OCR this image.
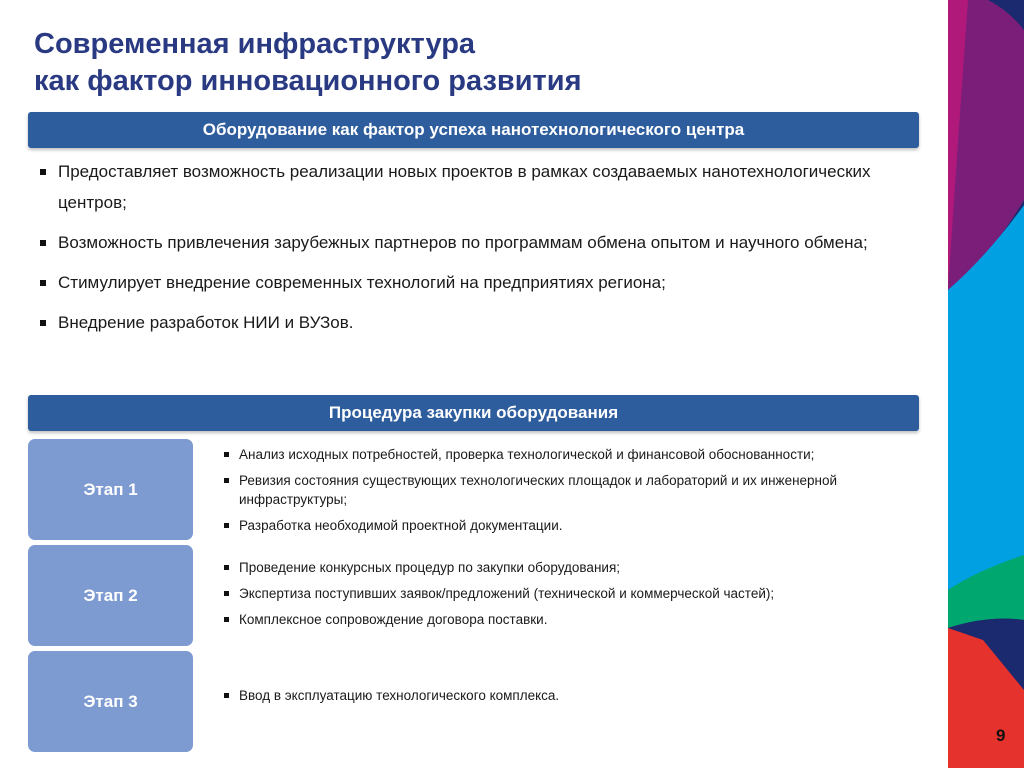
Современная инфраструктура
как фактор инновационного развития
Оборудование как фактор успеха нанотехнологического центра
Предоставляет возможность реализации новых проектов в рамках создаваемых нанотехнологических центров;
Возможность привлечения зарубежных партнеров по программам обмена опытом и научного обмена;
Стимулирует внедрение современных технологий на предприятиях региона;
Внедрение разработок НИИ и ВУЗов.
Процедура закупки оборудования
Этап 1
Анализ исходных потребностей, проверка технологической и финансовой обоснованности;
Ревизия состояния существующих технологических площадок и лабораторий и их инженерной инфраструктуры;
Разработка необходимой проектной документации.
Этап 2
Проведение конкурсных процедур по закупки оборудования;
Экспертиза поступивших заявок/предложений (технической и коммерческой частей);
Комплексное сопровождение договора поставки.
Этап 3	Ввод в эксплуатацию технологического комплекса.
9
